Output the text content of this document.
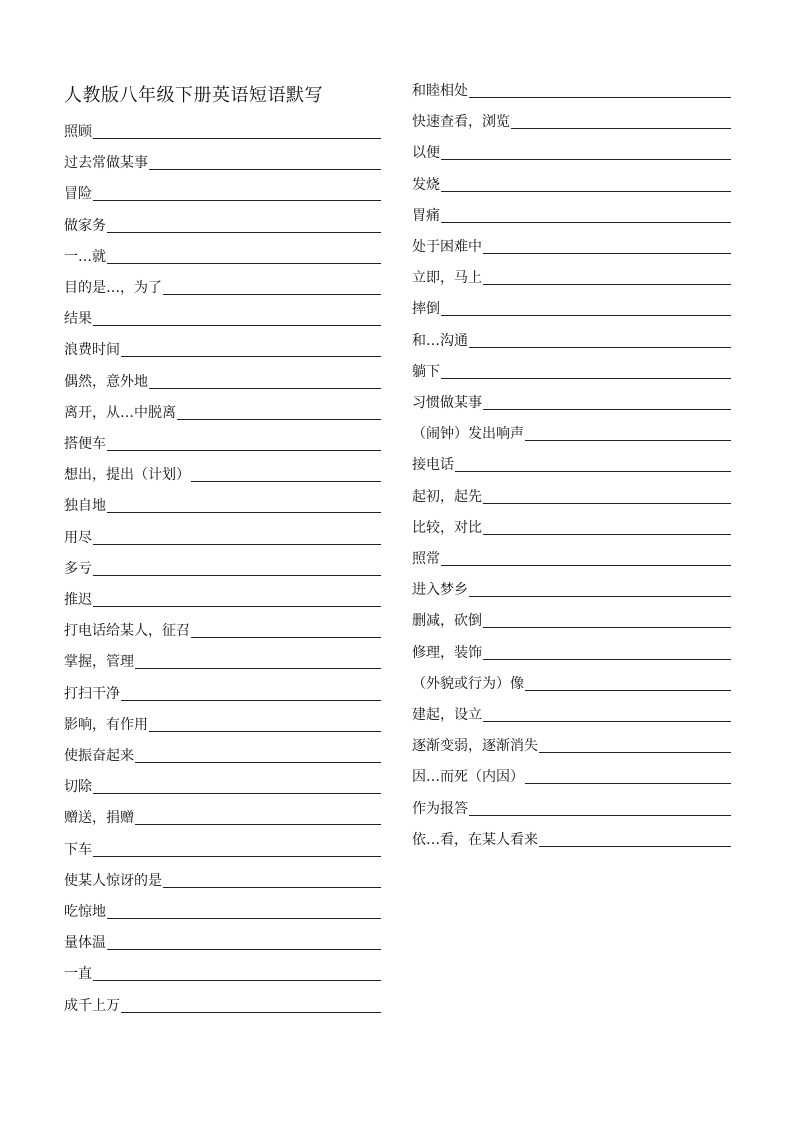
人教版八年级下册英语短语默写
照顾
过去常做某事
冒险
做家务
一…就
目的是…，为了
结果
浪费时间
偶然，意外地
离开，从…中脱离
搭便车
想出，提出（计划）
独自地
用尽
多亏
推迟
打电话给某人，征召
掌握，管理
打扫干净
影响，有作用
使振奋起来
切除
赠送，捐赠
下车
使某人惊讶的是
吃惊地
量体温
一直
成千上万
和睦相处
快速查看，浏览
以便
发烧
胃痛
处于困难中
立即，马上
摔倒
和…沟通
躺下
习惯做某事
（闹钟）发出响声
接电话
起初，起先
比较，对比
照常
进入梦乡
删减，砍倒
修理，装饰
（外貌或行为）像
建起，设立
逐渐变弱，逐渐消失
因…而死（内因）
作为报答
依…看，在某人看来
